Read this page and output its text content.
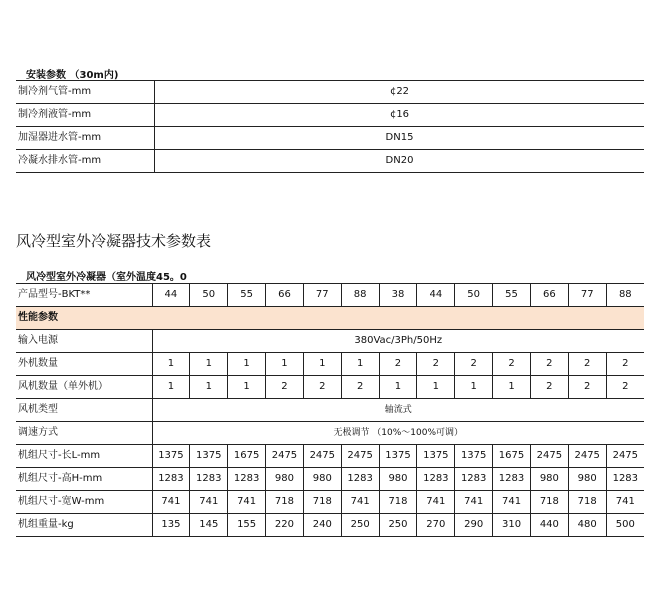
安装参数 （30m内)
制冷剂气管-mm	¢22
制冷剂液管-mm	¢16
加湿器进水管-mm	DN15
冷凝水排水管-mm	DN20
风冷型室外冷凝器技术参数表
风冷型室外冷凝器（室外温度45。0
产品型号-BKT**	44	50	55	66	77	88	38	44	50	55	66	77	88
性能参数													
输入电源	380Vac/3Ph/50Hz												
外机数量	1	1	1	1	1	1	2	2	2	2	2	2	2
风机数量（单外机）	1	1	1	2	2	2	1	1	1	1	2	2	2
风机类型	轴流式												
调速方式	无极调节 （10%～100%可调）												
机组尺寸-长L-mm	1375	1375	1675	2475	2475	2475	1375	1375	1375	1675	2475	2475	2475
机组尺寸-高H-mm	1283	1283	1283	980	980	1283	980	1283	1283	1283	980	980	1283
机组尺寸-宽W-mm	741	741	741	718	718	741	718	741	741	741	718	718	741
机组重量-kg	135	145	155	220	240	250	250	270	290	310	440	480	500
